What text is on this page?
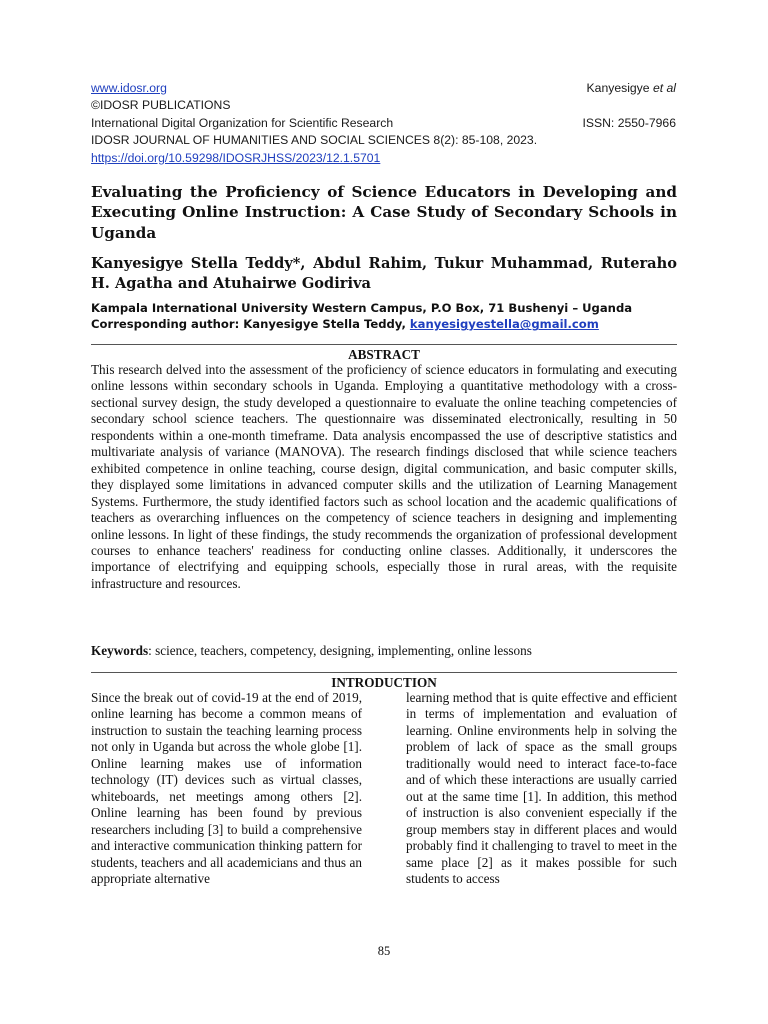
www.idosr.org	Kanyesigye et al
©IDOSR PUBLICATIONS
International Digital Organization for Scientific Research	ISSN: 2550-7966
IDOSR JOURNAL OF HUMANITIES AND SOCIAL SCIENCES 8(2): 85-108, 2023.
https://doi.org/10.59298/IDOSRJHSS/2023/12.1.5701
Evaluating the Proficiency of Science Educators in Developing and Executing Online Instruction: A Case Study of Secondary Schools in Uganda
Kanyesigye Stella Teddy*, Abdul Rahim, Tukur Muhammad, Ruteraho H. Agatha and Atuhairwe Godiriva
Kampala International University Western Campus, P.O Box, 71 Bushenyi – Uganda
Corresponding author: Kanyesigye Stella Teddy, kanyesigyestella@gmail.com
ABSTRACT

This research delved into the assessment of the proficiency of science educators in formulating and executing online lessons within secondary schools in Uganda. Employing a quantitative methodology with a cross-sectional survey design, the study developed a questionnaire to evaluate the online teaching competencies of secondary school science teachers. The questionnaire was disseminated electronically, resulting in 50 respondents within a one-month timeframe. Data analysis encompassed the use of descriptive statistics and multivariate analysis of variance (MANOVA). The research findings disclosed that while science teachers exhibited competence in online teaching, course design, digital communication, and basic computer skills, they displayed some limitations in advanced computer skills and the utilization of Learning Management Systems. Furthermore, the study identified factors such as school location and the academic qualifications of teachers as overarching influences on the competency of science teachers in designing and implementing online lessons. In light of these findings, the study recommends the organization of professional development courses to enhance teachers' readiness for conducting online classes. Additionally, it underscores the importance of electrifying and equipping schools, especially those in rural areas, with the requisite infrastructure and resources.

Keywords: science, teachers, competency, designing, implementing, online lessons
INTRODUCTION

Since the break out of covid-19 at the end of 2019, online learning has become a common means of instruction to sustain the teaching learning process not only in Uganda but across the whole globe [1]. Online learning makes use of information technology (IT) devices such as virtual classes, whiteboards, net meetings among others [2]. Online learning has been found by previous researchers including [3] to build a comprehensive and interactive communication thinking pattern for students, teachers and all academicians and thus an appropriate alternative

learning method that is quite effective and efficient in terms of implementation and evaluation of learning. Online environments help in solving the problem of lack of space as the small groups traditionally would need to interact face-to-face and of which these interactions are usually carried out at the same time [1]. In addition, this method of instruction is also convenient especially if the group members stay in different places and would probably find it challenging to travel to meet in the same place [2] as it makes possible for such students to access

85
